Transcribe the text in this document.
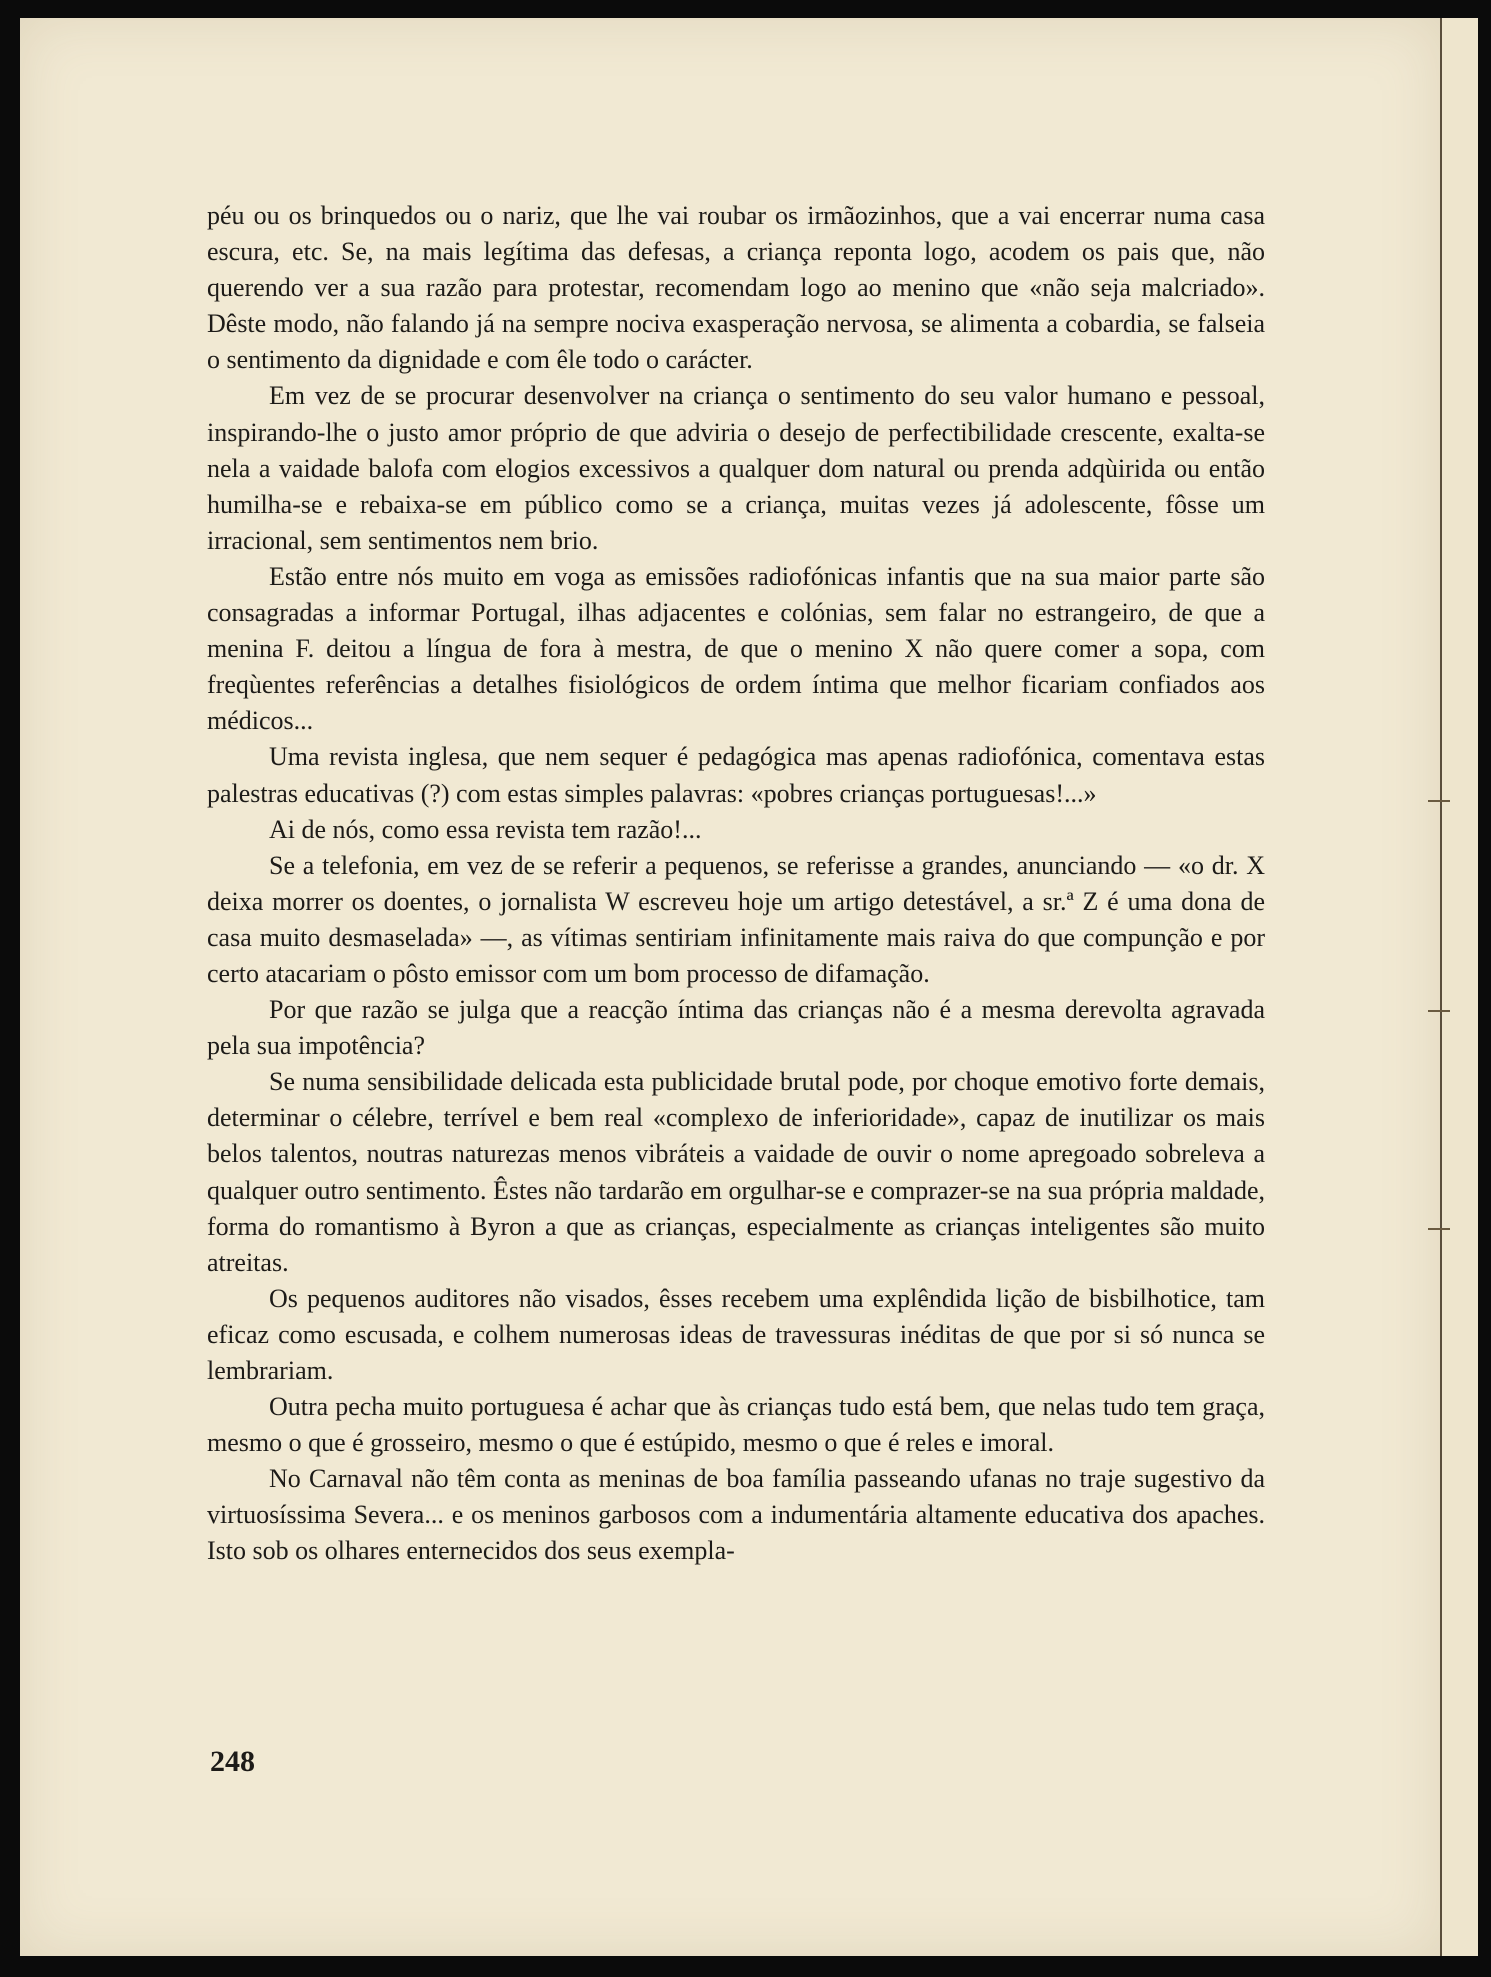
péu ou os brinquedos ou o nariz, que lhe vai roubar os irmãozinhos, que a vai encerrar numa casa escura, etc. Se, na mais legítima das defesas, a criança reponta logo, acodem os pais que, não querendo ver a sua razão para protestar, recomendam logo ao menino que «não seja malcriado». Dêste modo, não falando já na sempre nociva exasperação nervosa, se alimenta a cobardia, se falseia o sentimento da dignidade e com êle todo o carácter.

Em vez de se procurar desenvolver na criança o sentimento do seu valor humano e pessoal, inspirando-lhe o justo amor próprio de que adviria o desejo de perfectibilidade crescente, exalta-se nela a vaidade balofa com elogios excessivos a qualquer dom natural ou prenda adqùirida ou então humilha-se e rebaixa-se em público como se a criança, muitas vezes já adolescente, fôsse um irracional, sem sentimentos nem brio.

Estão entre nós muito em voga as emissões radiofónicas infantis que na sua maior parte são consagradas a informar Portugal, ilhas adjacentes e colónias, sem falar no estrangeiro, de que a menina F. deitou a língua de fora à mestra, de que o menino X não quere comer a sopa, com freqùentes referências a detalhes fisiológicos de ordem íntima que melhor ficariam confiados aos médicos...

Uma revista inglesa, que nem sequer é pedagógica mas apenas radiofónica, comentava estas palestras educativas (?) com estas simples palavras: «pobres crianças portuguesas!...»

Ai de nós, como essa revista tem razão!...

Se a telefonia, em vez de se referir a pequenos, se referisse a grandes, anunciando — «o dr. X deixa morrer os doentes, o jornalista W escreveu hoje um artigo detestável, a sr.ª Z é uma dona de casa muito desmaselada» —, as vítimas sentiriam infinitamente mais raiva do que compunção e por certo atacariam o pôsto emissor com um bom processo de difamação.

Por que razão se julga que a reacção íntima das crianças não é a mesma derevolta agravada pela sua impotência?

Se numa sensibilidade delicada esta publicidade brutal pode, por choque emotivo forte demais, determinar o célebre, terrível e bem real «complexo de inferioridade», capaz de inutilizar os mais belos talentos, noutras naturezas menos vibráteis a vaidade de ouvir o nome apregoado sobreleva a qualquer outro sentimento. Êstes não tardarão em orgulhar-se e comprazer-se na sua própria maldade, forma do romantismo à Byron a que as crianças, especialmente as crianças inteligentes são muito atreitas.

Os pequenos auditores não visados, êsses recebem uma explêndida lição de bisbilhotice, tam eficaz como escusada, e colhem numerosas ideas de travessuras inéditas de que por si só nunca se lembrariam.

Outra pecha muito portuguesa é achar que às crianças tudo está bem, que nelas tudo tem graça, mesmo o que é grosseiro, mesmo o que é estúpido, mesmo o que é reles e imoral.

No Carnaval não têm conta as meninas de boa família passeando ufanas no traje sugestivo da virtuosíssima Severa... e os meninos garbosos com a indumentária altamente educativa dos apaches. Isto sob os olhares enternecidos dos seus exempla-

248
